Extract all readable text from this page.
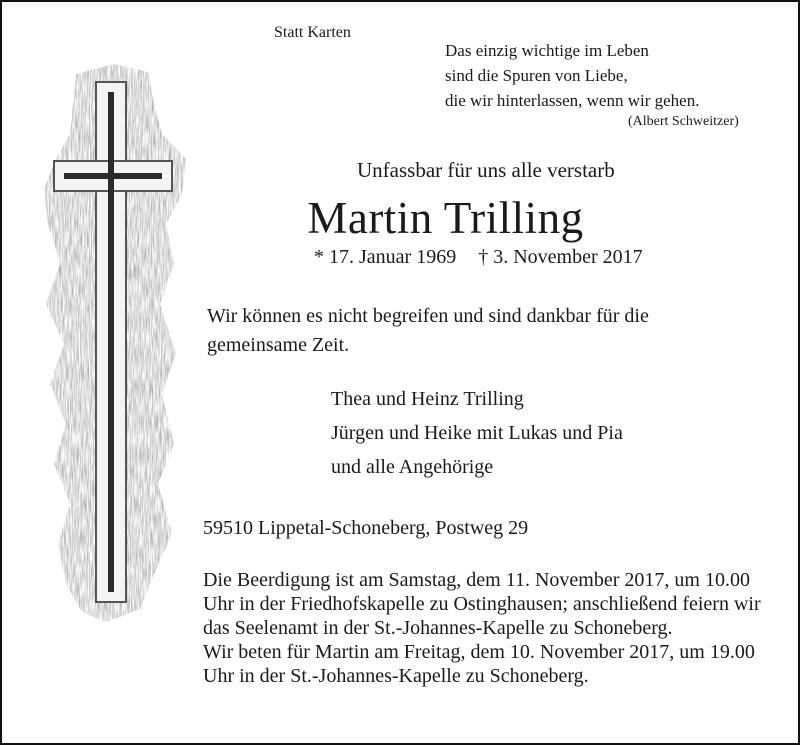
Statt Karten
Das einzig wichtige im Leben
sind die Spuren von Liebe,
die wir hinterlassen, wenn wir gehen.
(Albert Schweitzer)
Unfassbar für uns alle verstarb
Martin Trilling
* 17. Januar 1969 † 3. November 2017
Wir können es nicht begreifen und sind dankbar für die gemeinsame Zeit.
Thea und Heinz Trilling
Jürgen und Heike mit Lukas und Pia
und alle Angehörige
59510 Lippetal-Schoneberg, Postweg 29

Die Beerdigung ist am Samstag, dem 11. November 2017, um 10.00 Uhr in der Friedhofskapelle zu Ostinghausen; anschließend feiern wir das Seelenamt in der St.-Johannes-Kapelle zu Schoneberg.

Wir beten für Martin am Freitag, dem 10. November 2017, um 19.00 Uhr in der St.-Johannes-Kapelle zu Schoneberg.
